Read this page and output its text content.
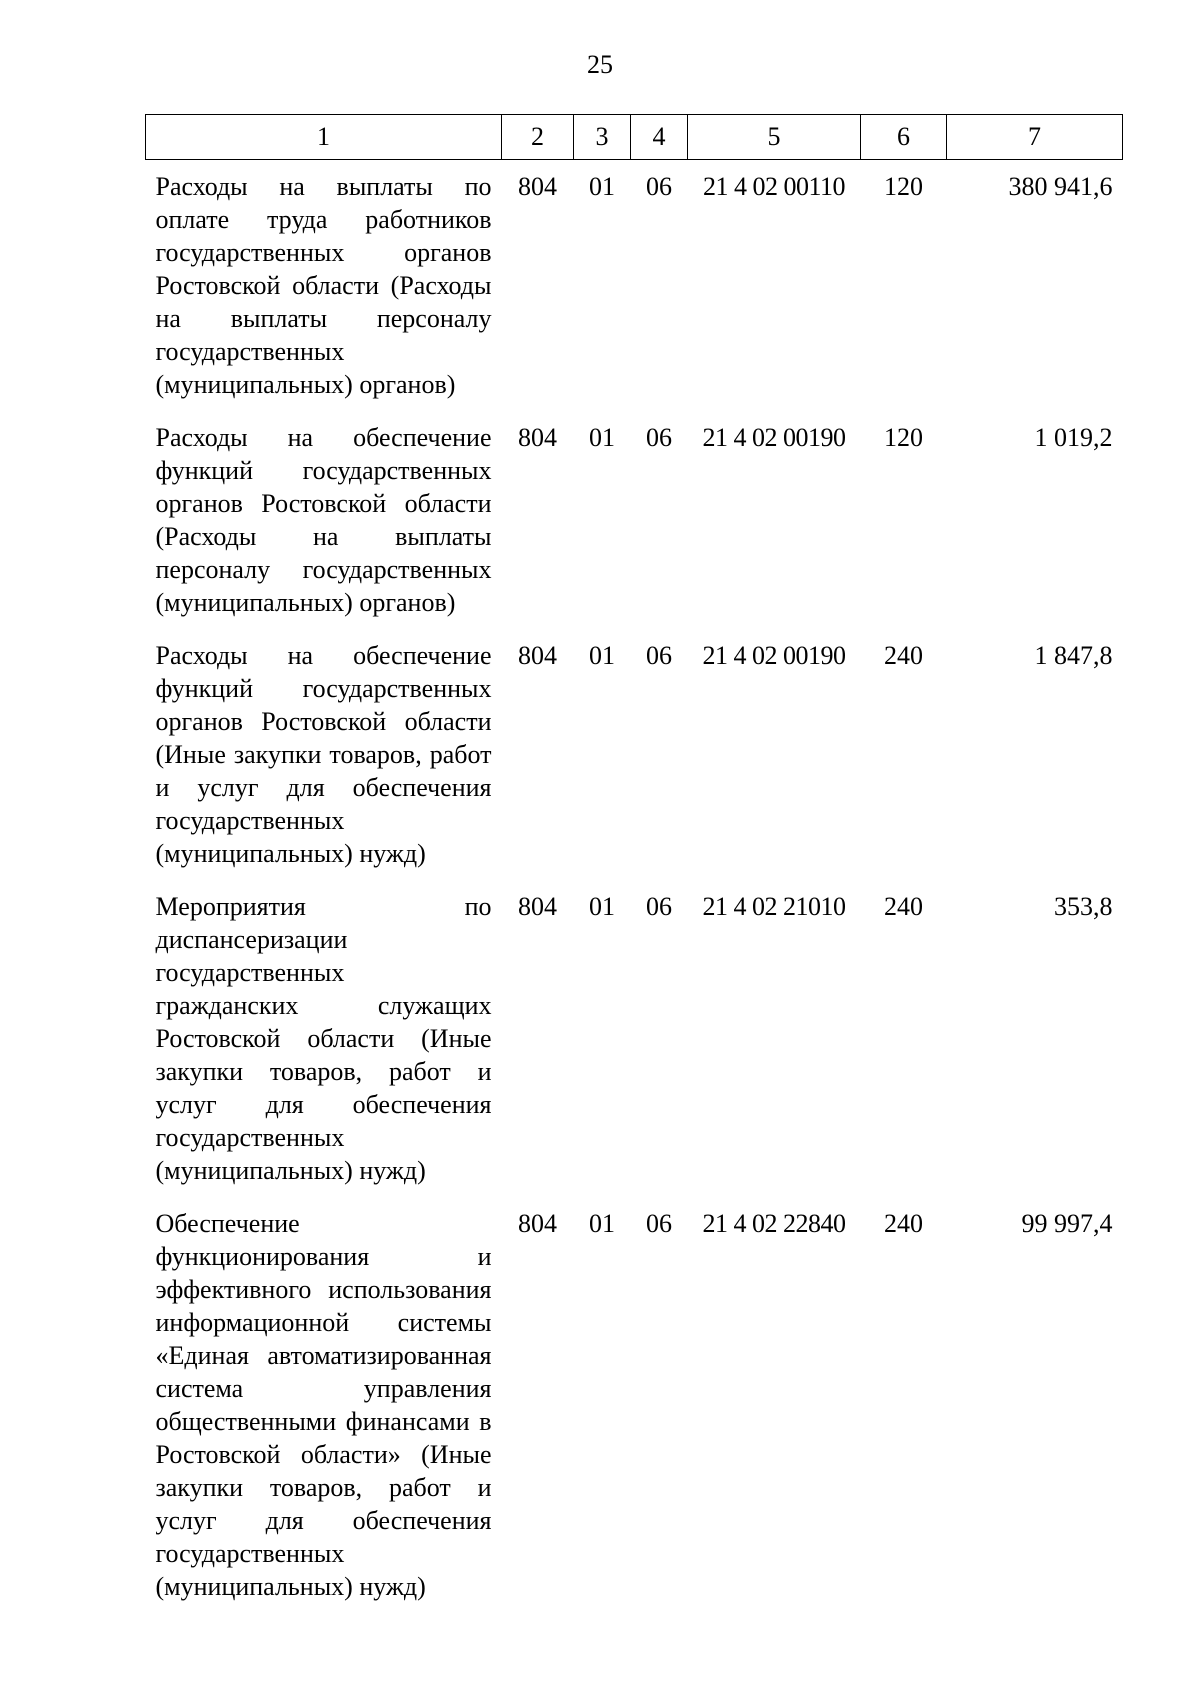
25
1	2	3	4	5	6	7
Расходы на выплаты по оплате труда работников государственных органов Ростовской области (Расходы на выплаты персоналу государственных (муниципальных) органов)	804	01	06	21 4 02 00110	120	380 941,6
Расходы на обеспечение функций государственных органов Ростовской области (Расходы на выплаты персоналу государственных (муниципальных) органов)	804	01	06	21 4 02 00190	120	1 019,2
Расходы на обеспечение функций государственных органов Ростовской области (Иные закупки товаров, работ и услуг для обеспечения государственных (муниципальных) нужд)	804	01	06	21 4 02 00190	240	1 847,8
Мероприятия по диспансеризации государственных гражданских служащих Ростовской области (Иные закупки товаров, работ и услуг для обеспечения государственных (муниципальных) нужд)	804	01	06	21 4 02 21010	240	353,8
Обеспечение функционирования и эффективного использования информационной системы «Единая автоматизированная система управления общественными финансами в Ростовской области» (Иные закупки товаров, работ и услуг для обеспечения государственных (муниципальных) нужд)	804	01	06	21 4 02 22840	240	99 997,4
